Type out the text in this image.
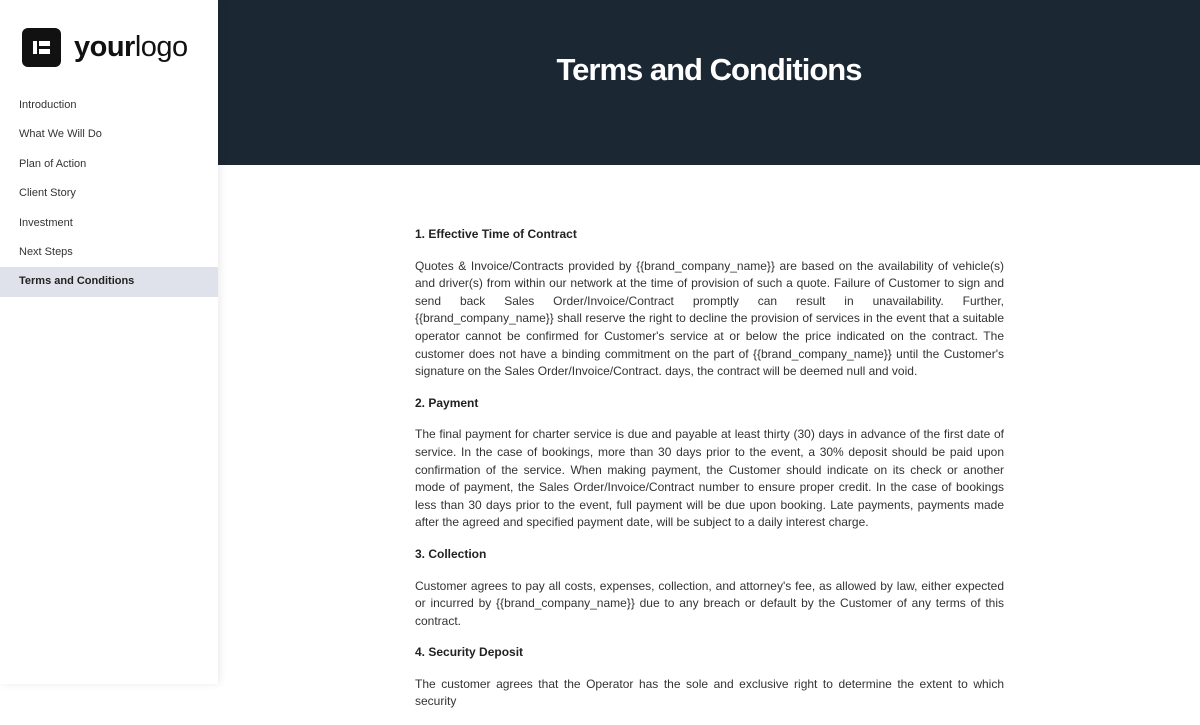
yourlogo
Introduction
What We Will Do
Plan of Action
Client Story
Investment
Next Steps
Terms and Conditions
Terms and Conditions
1. Effective Time of Contract

Quotes & Invoice/Contracts provided by {{brand_company_name}} are based on the availability of vehicle(s) and driver(s) from within our network at the time of provision of such a quote. Failure of Customer to sign and send back Sales Order/Invoice/Contract promptly can result in unavailability. Further, {{brand_company_name}} shall reserve the right to decline the provision of services in the event that a suitable operator cannot be confirmed for Customer's service at or below the price indicated on the contract. The customer does not have a binding commitment on the part of {{brand_company_name}} until the Customer's signature on the Sales Order/Invoice/Contract. days, the contract will be deemed null and void.

2. Payment

The final payment for charter service is due and payable at least thirty (30) days in advance of the first date of service. In the case of bookings, more than 30 days prior to the event, a 30% deposit should be paid upon confirmation of the service. When making payment, the Customer should indicate on its check or another mode of payment, the Sales Order/Invoice/Contract number to ensure proper credit. In the case of bookings less than 30 days prior to the event, full payment will be due upon booking. Late payments, payments made after the agreed and specified payment date, will be subject to a daily interest charge.

3. Collection

Customer agrees to pay all costs, expenses, collection, and attorney's fee, as allowed by law, either expected or incurred by {{brand_company_name}} due to any breach or default by the Customer of any terms of this contract.

4. Security Deposit

The customer agrees that the Operator has the sole and exclusive right to determine the extent to which security
